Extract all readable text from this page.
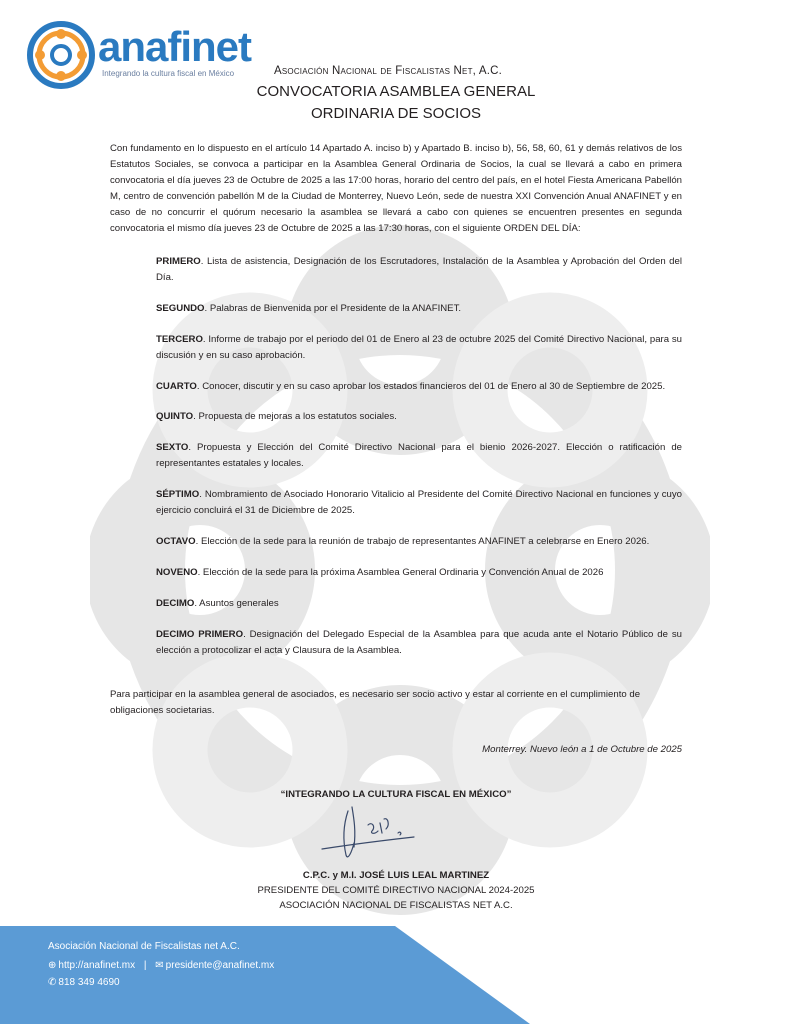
anafinet
Integrando la cultura fiscal en México	Asociación Nacional de Fiscalistas Net, A.C.
CONVOCATORIA ASAMBLEA GENERAL
ORDINARIA DE SOCIOS

Con fundamento en lo dispuesto en el artículo 14 Apartado A. inciso b) y Apartado B. inciso b), 56, 58, 60, 61 y demás relativos de los Estatutos Sociales, se convoca a participar en la Asamblea General Ordinaria de Socios, la cual se llevará a cabo en primera convocatoria el día jueves 23 de Octubre de 2025 a las 17:00 horas, horario del centro del país, en el hotel Fiesta Americana Pabellón M, centro de convención pabellón M de la Ciudad de Monterrey, Nuevo León, sede de nuestra XXI Convención Anual ANAFINET y en caso de no concurrir el quórum necesario la asamblea se llevará a cabo con quienes se encuentren presentes en segunda convocatoria el mismo día jueves 23 de Octubre de 2025 a las 17:30 horas, con el siguiente ORDEN DEL DÍA:

PRIMERO. Lista de asistencia, Designación de los Escrutadores, Instalación de la Asamblea y Aprobación del Orden del Día.

SEGUNDO. Palabras de Bienvenida por el Presidente de la ANAFINET.

TERCERO. Informe de trabajo por el periodo del 01 de Enero al 23 de octubre 2025 del Comité Directivo Nacional, para su discusión y en su caso aprobación.

CUARTO. Conocer, discutir y en su caso aprobar los estados financieros del 01 de Enero al 30 de Septiembre de 2025.

QUINTO. Propuesta de mejoras a los estatutos sociales.

SEXTO. Propuesta y Elección del Comité Directivo Nacional para el bienio 2026-2027. Elección o ratificación de representantes estatales y locales.

SÉPTIMO. Nombramiento de Asociado Honorario Vitalicio al Presidente del Comité Directivo Nacional en funciones y cuyo ejercicio concluirá el 31 de Diciembre de 2025.

OCTAVO. Elección de la sede para la reunión de trabajo de representantes ANAFINET a celebrarse en Enero 2026.

NOVENO. Elección de la sede para la próxima Asamblea General Ordinaria y Convención Anual de 2026

DECIMO. Asuntos generales

DECIMO PRIMERO. Designación del Delegado Especial de la Asamblea para que acuda ante el Notario Público de su elección a protocolizar el acta y Clausura de la Asamblea.

Para participar en la asamblea general de asociados, es necesario ser socio activo y estar al corriente en el cumplimiento de obligaciones societarias.

Monterrey. Nuevo león a 1 de Octubre de 2025
“INTEGRANDO LA CULTURA FISCAL EN MÉXICO”
C.P.C. y M.I. JOSÉ LUIS LEAL MARTINEZ
PRESIDENTE DEL COMITÉ DIRECTIVO NACIONAL 2024-2025
ASOCIACIÓN NACIONAL DE FISCALISTAS NET A.C.
Asociación Nacional de Fiscalistas net A.C.
⊕ http://anafinet.mx | ✉ presidente@anafinet.mx
✆ 818 349 4690
